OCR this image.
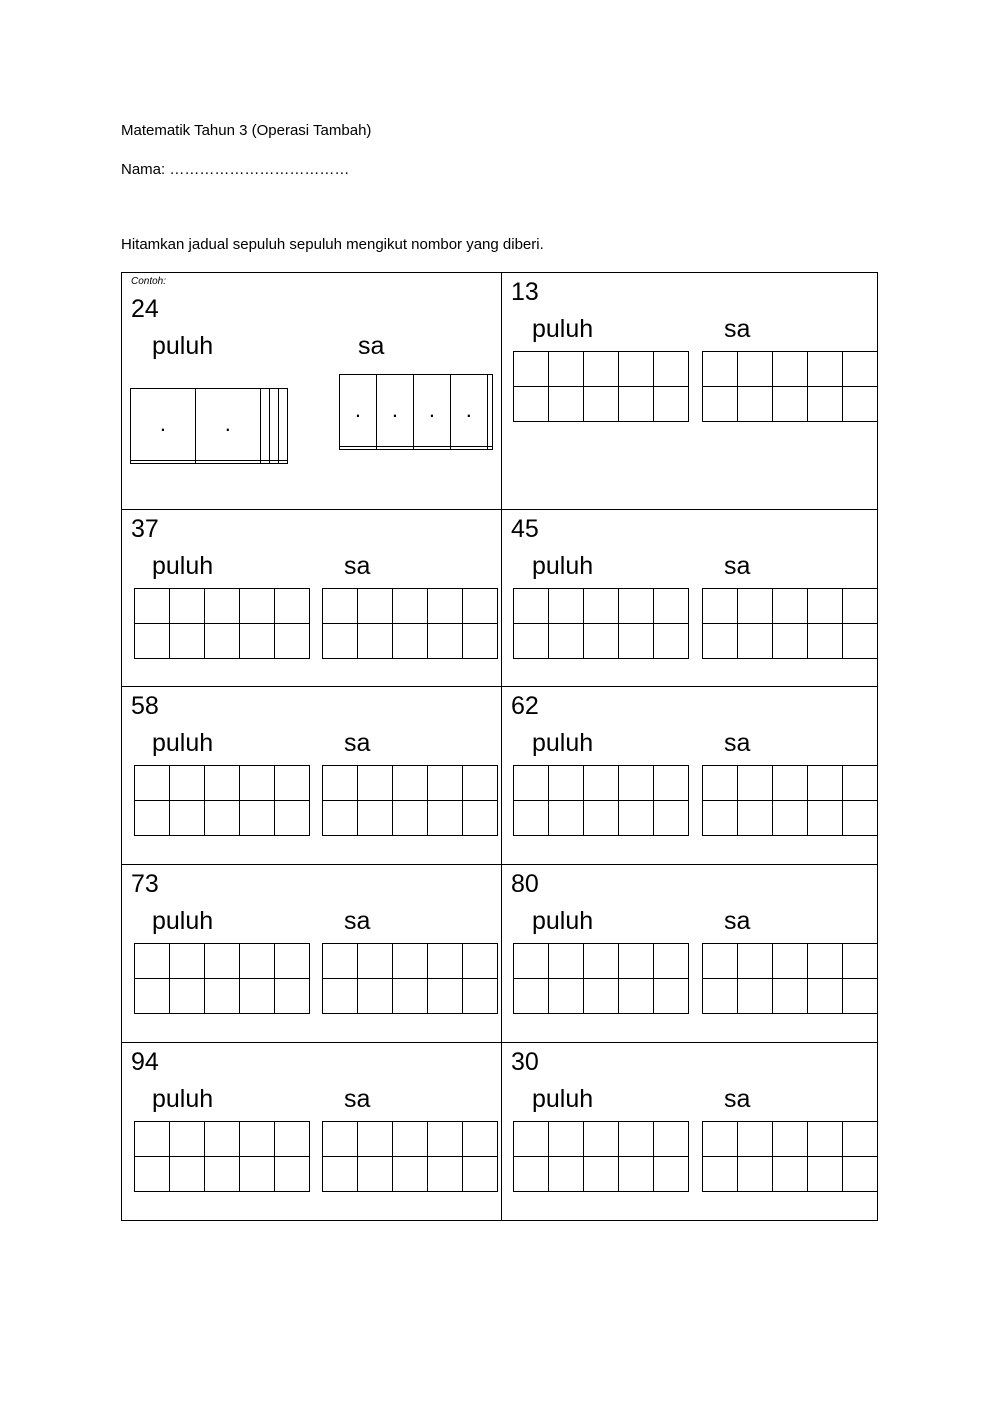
Matematik Tahun 3 (Operasi Tambah)
Nama: ………………………………
Hitamkan jadual sepuluh sepuluh mengikut nombor yang diberi.
Contoh:
24
puluh	sa
.	.			

.	.	.	.	

13
puluh	sa

37
puluh	sa

45
puluh	sa

58
puluh	sa

62
puluh	sa

73
puluh	sa

80
puluh	sa

94
puluh	sa

30
puluh	sa
